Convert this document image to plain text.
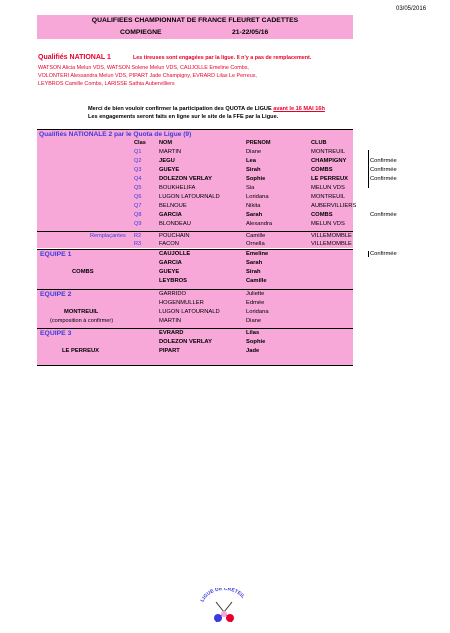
03/05/2016
QUALIFIEES CHAMPIONNAT DE FRANCE FLEURET CADETTES
COMPIEGNE	21-22/05/16
Qualifiés NATIONAL 1	Les tireuses sont engagées par la ligue. Il n'y a pas de remplacement.
WATSON Alicia Melun VDS, WATSON Solene Melun VDS, CAUJOLLE Emeline Combs,
VOLONTERI Alessandra Melun VDS, PIPART Jade Champigny, EVRARD Lilas Le Perreux,
LEYBROS Camille Combs, LARISSE Sathia Aubervilliers
Merci de bien vouloir confirmer la participation des QUOTA de LIGUE avant le 16 MAI 16h
Les engagements seront faits en ligne sur le site de la FFE par la Ligue.
Qualifiés NATIONALE 2 par le Quota de Ligue (9)
Clas NOM	PRENOM	CLUB
Q1	MARTIN	Diane	MONTREUIL
Q2	JEGU	Lea	CHAMPIGNY	Confirmée
Q3	GUEYE	Sirah	COMBS	Confirmée
Q4	DOLEZON VERLAY	Sophie	LE PERREUX	Confirmée
Q5	BOUKHELIFA	Sia	MELUN VDS
Q6	LUGON LATOURNALD	Loridana	MONTREUIL
Q7	BELNOUE	Nikita	AUBERVILLIERS
Q8	GARCIA	Sarah	COMBS	Confirmée
Q9	BLONDEAU	Alexandra	MELUN VDS
Remplaçantes R2	POUCHAIN	Camille	VILLEMOMBLE
R3	FACON	Ornella	VILLEMOMBLE
EQUIPE 1	CAUJOLLE	Emeline
GARCIA	Sarah
GUEYE	Sirah
LEYBROS	Camille
COMBS
Confirmée
EQUIPE 2	GARRIDO	Juliette
HOGENMULLER	Edmée
LUGON LATOURNALD	Loridana
MARTIN	Diane
MONTREUIL
(composition à confirmer)
EQUIPE 3	EVRARD	Lilas
DOLEZON VERLAY	Sophie
PIPART	Jade
LE PERREUX
LIGUE DE CRETEIL
